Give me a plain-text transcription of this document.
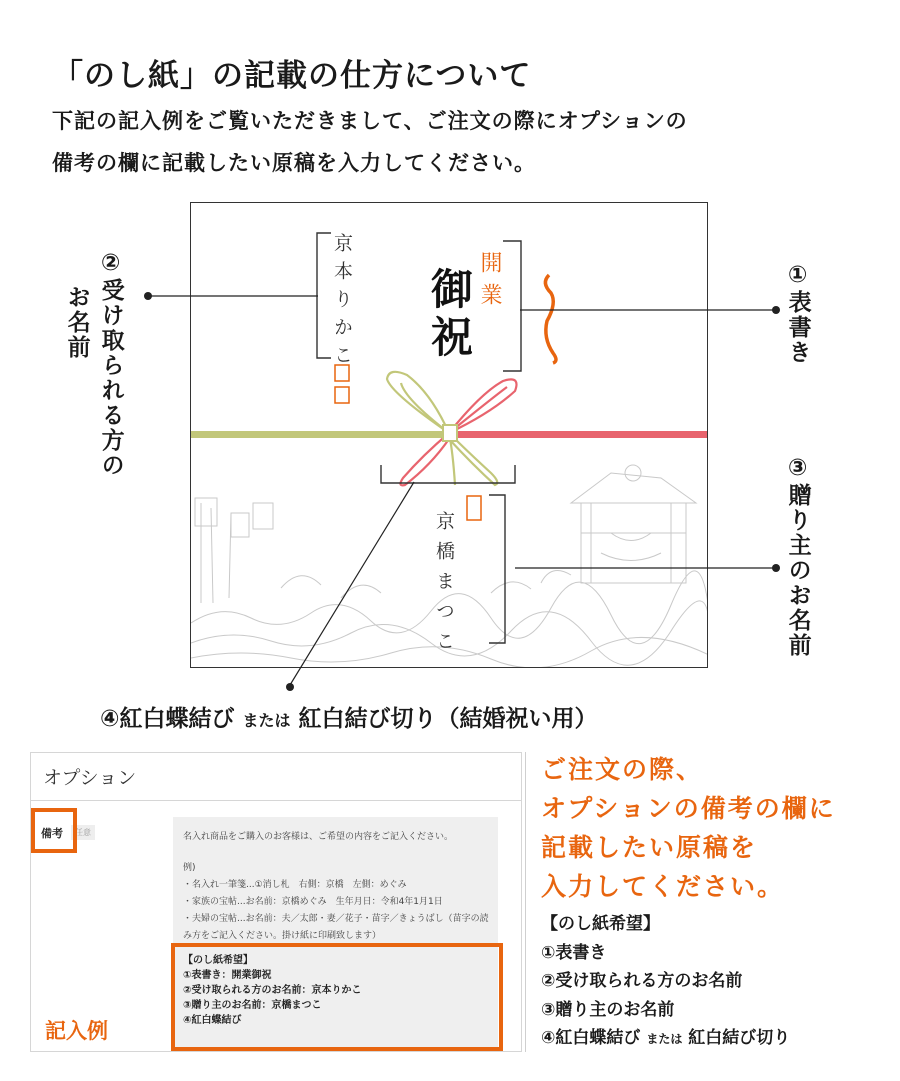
「のし紙」の記載の仕方について
下記の記入例をご覧いただきまして、ご注文の際にオプションの
備考の欄に記載したい原稿を入力してください。
京本りかこ	開業
御祝
京橋まつこ
①表書き
②受け取られる方の
お名前
③贈り主のお名前
④紅白蝶結び または 紅白結び切り（結婚祝い用）
オプション
備考	任意	名入れ商品をご購入のお客様は、ご希望の内容をご記入ください。

例)

・名入れ一筆箋...①消し札　右側：京橋　左側：めぐみ

・家族の宝帖...お名前：京橋めぐみ　生年月日：令和4年1月1日

・夫婦の宝帖...お名前：夫／太郎・妻／花子・苗字／きょうばし（苗字の読み方をご記入ください。掛け紙に印刷致します）

【のし紙希望】

①表書き：開業御祝

②受け取られる方のお名前：京本りかこ

③贈り主のお名前：京橋まつこ

④紅白蝶結び

記入例
ご注文の際、
オプションの備考の欄に
記載したい原稿を
入力してください。

【のし紙希望】

①表書き

②受け取られる方のお名前

③贈り主のお名前

④紅白蝶結び または 紅白結び切り
